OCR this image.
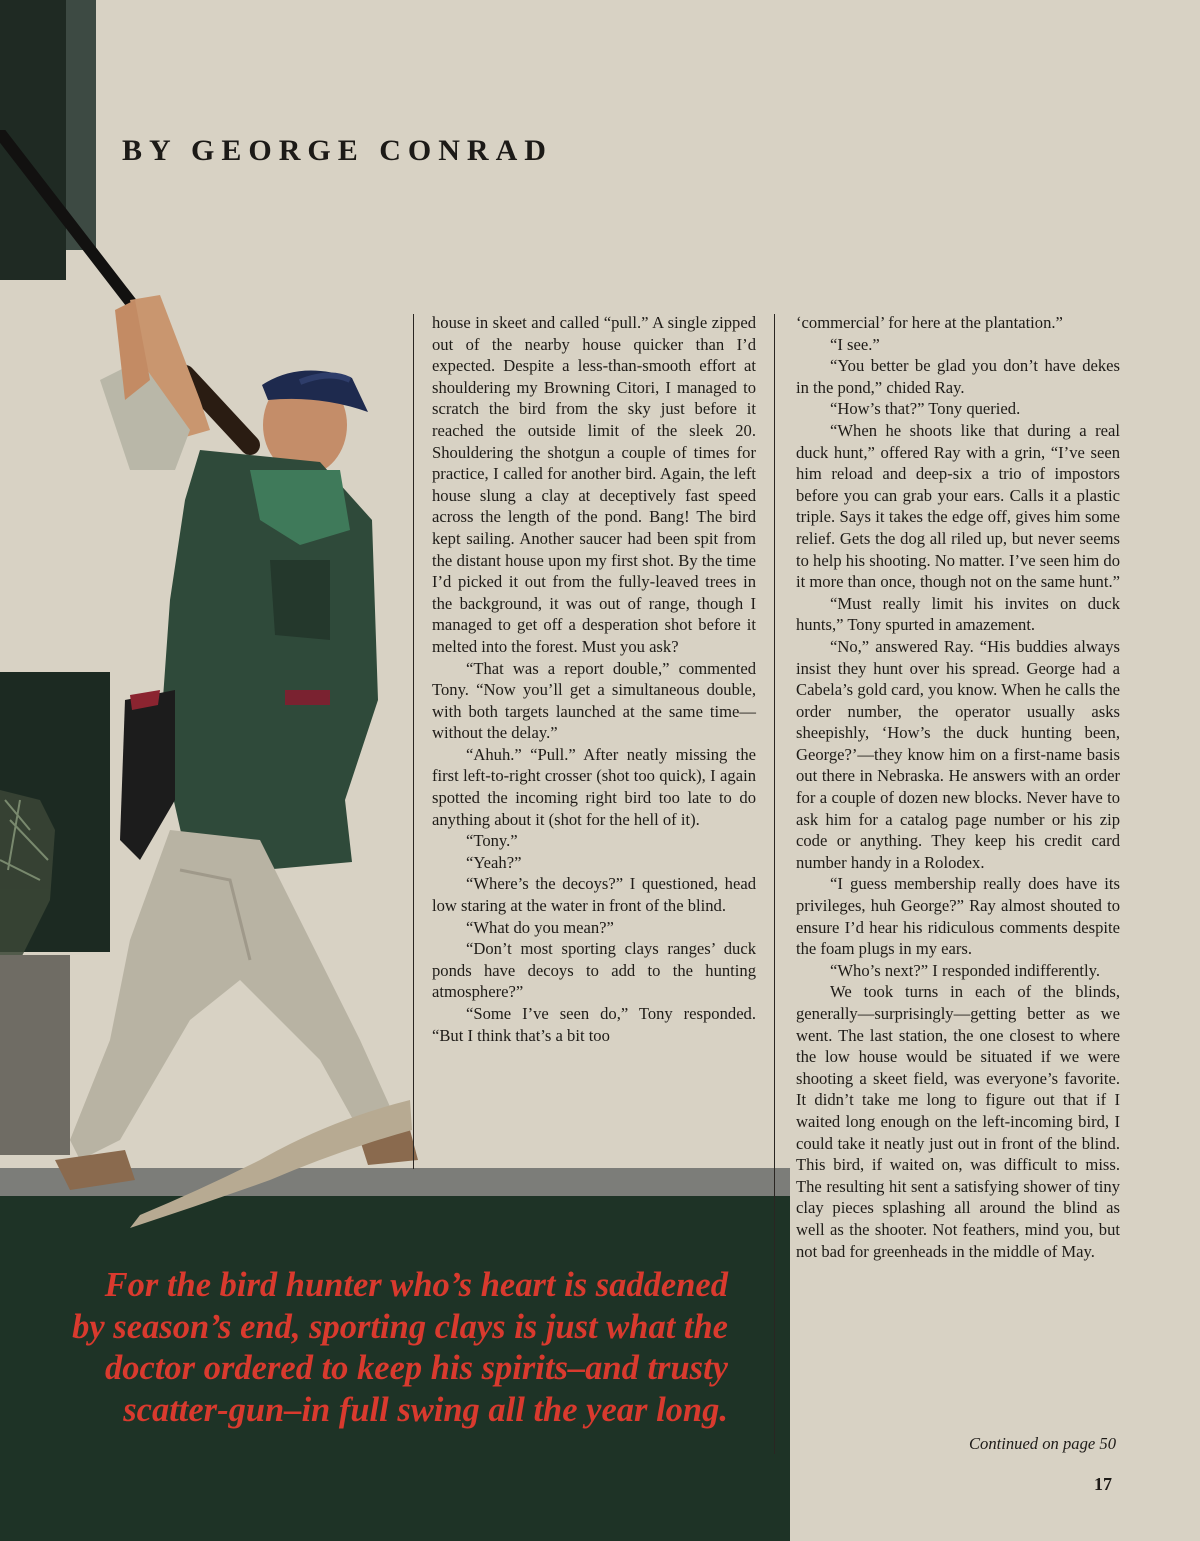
BY GEORGE CONRAD

house in skeet and called “pull.” A single zipped out of the nearby house quicker than I’d expected. Despite a less-than-smooth effort at shouldering my Browning Citori, I managed to scratch the bird from the sky just before it reached the outside limit of the sleek 20. Shouldering the shotgun a couple of times for practice, I called for another bird. Again, the left house slung a clay at deceptively fast speed across the length of the pond. Bang! The bird kept sailing. Another saucer had been spit from the distant house upon my first shot. By the time I’d picked it out from the fully-leaved trees in the background, it was out of range, though I managed to get off a desperation shot before it melted into the forest. Must you ask?

“That was a report double,” commented Tony. “Now you’ll get a simultaneous double, with both targets launched at the same time—without the delay.”

“Ahuh.” “Pull.” After neatly missing the first left-to-right crosser (shot too quick), I again spotted the incoming right bird too late to do anything about it (shot for the hell of it).

“Tony.”

“Yeah?”

“Where’s the decoys?” I questioned, head low staring at the water in front of the blind.

“What do you mean?”

“Don’t most sporting clays ranges’ duck ponds have decoys to add to the hunting atmosphere?”

“Some I’ve seen do,” Tony responded. “But I think that’s a bit too

‘commercial’ for here at the plantation.”

“I see.”

“You better be glad you don’t have dekes in the pond,” chided Ray.

“How’s that?” Tony queried.

“When he shoots like that during a real duck hunt,” offered Ray with a grin, “I’ve seen him reload and deep-six a trio of impostors before you can grab your ears. Calls it a plastic triple. Says it takes the edge off, gives him some relief. Gets the dog all riled up, but never seems to help his shooting. No matter. I’ve seen him do it more than once, though not on the same hunt.”

“Must really limit his invites on duck hunts,” Tony spurted in amazement.

“No,” answered Ray. “His buddies always insist they hunt over his spread. George had a Cabela’s gold card, you know. When he calls the order number, the operator usually asks sheepishly, ‘How’s the duck hunting been, George?’—they know him on a first-name basis out there in Nebraska. He answers with an order for a couple of dozen new blocks. Never have to ask him for a catalog page number or his zip code or anything. They keep his credit card number handy in a Rolodex.

“I guess membership really does have its privileges, huh George?” Ray almost shouted to ensure I’d hear his ridiculous comments despite the foam plugs in my ears.

“Who’s next?” I responded indifferently.

We took turns in each of the blinds, generally—surprisingly—getting better as we went. The last station, the one closest to where the low house would be situated if we were shooting a skeet field, was everyone’s favorite. It didn’t take me long to figure out that if I waited long enough on the left-incoming bird, I could take it neatly just out in front of the blind. This bird, if waited on, was difficult to miss. The resulting hit sent a satisfying shower of tiny clay pieces splashing all around the blind as well as the shooter. Not feathers, mind you, but not bad for greenheads in the middle of May.

Continued on page 50
17
For the bird hunter who’s heart is saddened
by season’s end, sporting clays is just what the
doctor ordered to keep his spirits–and trusty
scatter-gun–in full swing all the year long.
